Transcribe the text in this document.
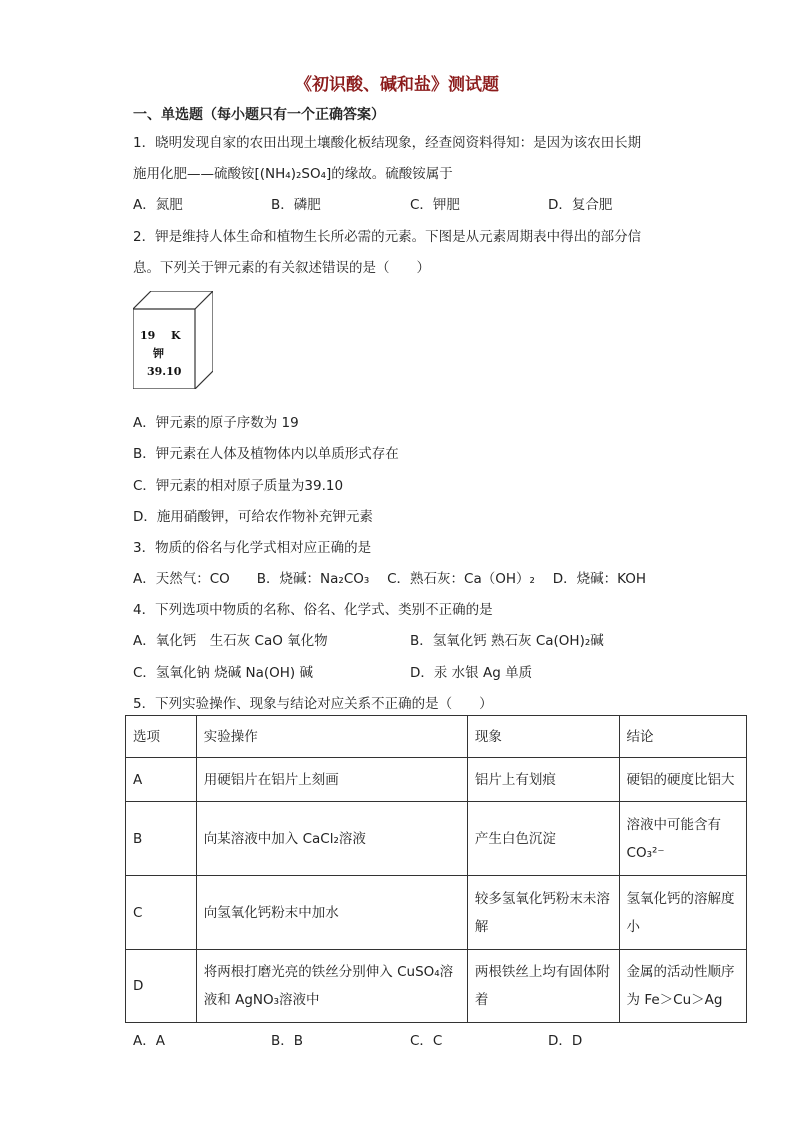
《初识酸、碱和盐》测试题
一、单选题（每小题只有一个正确答案）
1．晓明发现自家的农田出现土壤酸化板结现象，经查阅资料得知：是因为该农田长期
施用化肥——硫酸铵[(NH₄)₂SO₄]的缘故。硫酸铵属于
A．氮肥	B．磷肥	C．钾肥	D．复合肥
2．钾是维持人体生命和植物生长所必需的元素。下图是从元素周期表中得出的部分信
息。下列关于钾元素的有关叙述错误的是（　　）
19 K
钾
39.10
A．钾元素的原子序数为 19
B．钾元素在人体及植物体内以单质形式存在
C．钾元素的相对原子质量为39.10
D．施用硝酸钾，可给农作物补充钾元素
3．物质的俗名与化学式相对应正确的是
A．天然气：CO　　B．烧碱：Na₂CO₃　 C．熟石灰：Ca（OH）₂　 D．烧碱：KOH
4．下列选项中物质的名称、俗名、化学式、类别不正确的是
A．氧化钙　生石灰 CaO 氧化物	B．氢氧化钙 熟石灰 Ca(OH)₂碱
C．氢氧化钠 烧碱 Na(OH) 碱	D．汞 水银 Ag 单质
5．下列实验操作、现象与结论对应关系不正确的是（　　）
选项	实验操作	现象	结论
A	用硬铝片在铝片上刻画	铝片上有划痕	硬铝的硬度比铝大
B	向某溶液中加入 CaCl₂溶液	产生白色沉淀	溶液中可能含有CO₃²⁻
C	向氢氧化钙粉末中加水	较多氢氧化钙粉末未溶解	氢氧化钙的溶解度小
D	将两根打磨光亮的铁丝分别伸入 CuSO₄溶液和 AgNO₃溶液中	两根铁丝上均有固体附着	金属的活动性顺序为 Fe＞Cu＞Ag
A．A	B．B	C．C	D．D
